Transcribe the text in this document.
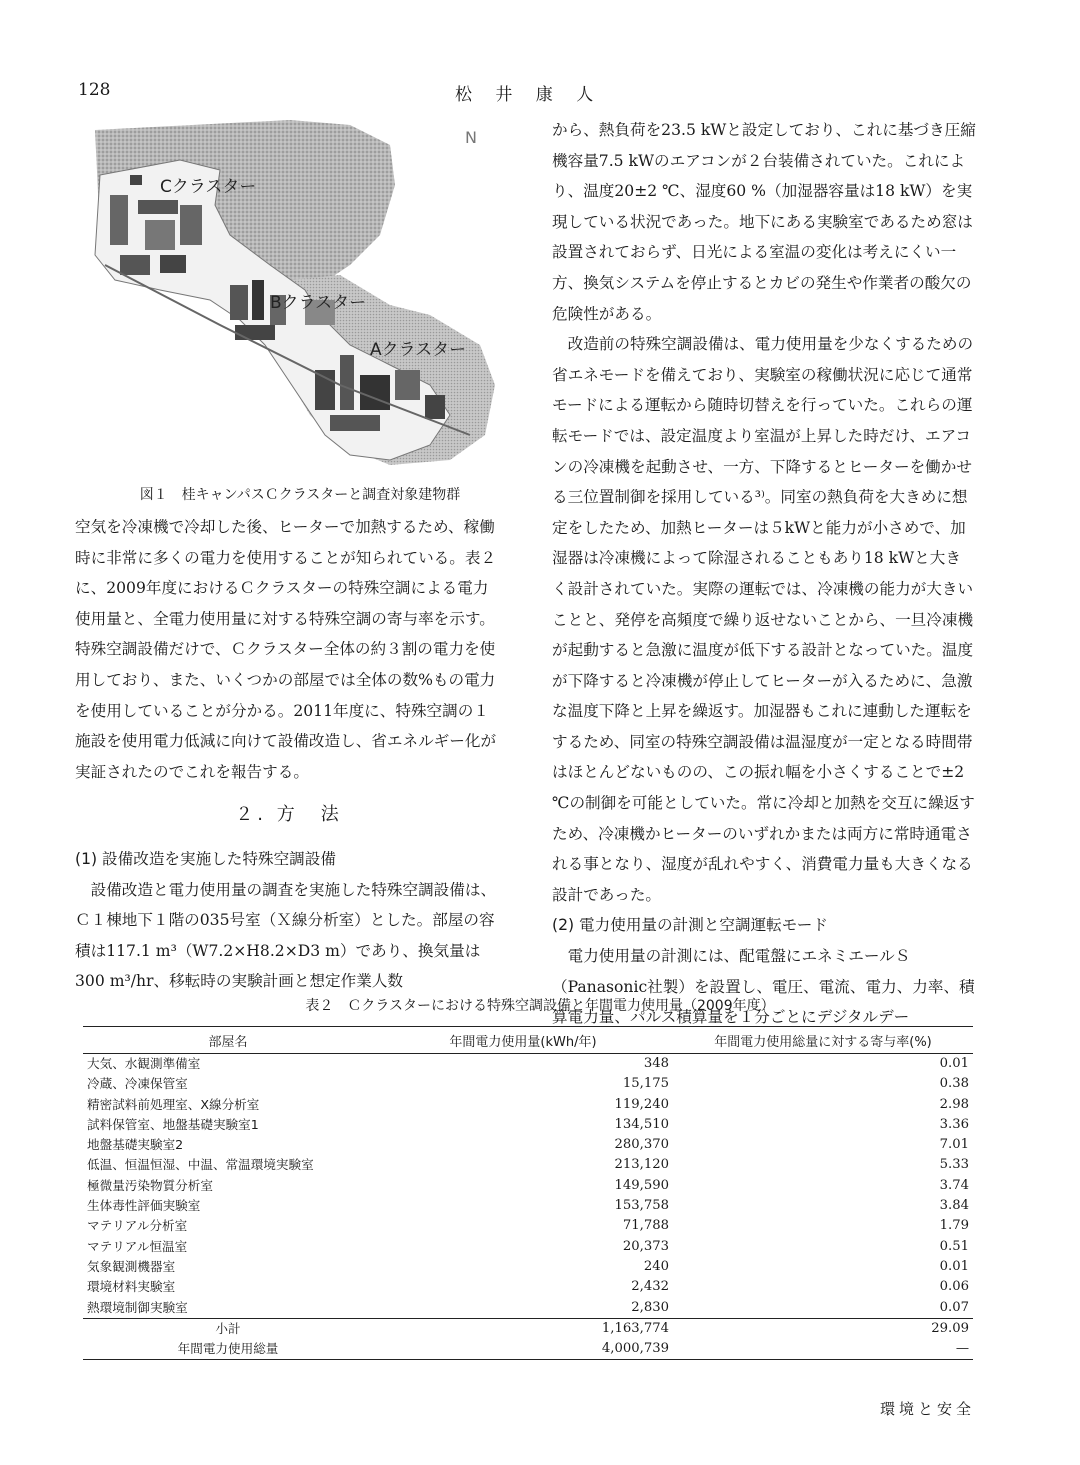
128	松 井 康 人
N
Cクラスター
Bクラスター
Aクラスター
図１　桂キャンパスＣクラスターと調査対象建物群

空気を冷凍機で冷却した後、ヒーターで加熱するため、稼働時に非常に多くの電力を使用することが知られている。表２に、2009年度におけるＣクラスターの特殊空調による電力使用量と、全電力使用量に対する特殊空調の寄与率を示す。特殊空調設備だけで、Ｃクラスター全体の約３割の電力を使用しており、また、いくつかの部屋では全体の数%もの電力を使用していることが分かる。2011年度に、特殊空調の１施設を使用電力低減に向けて設備改造し、省エネルギー化が実証されたのでこれを報告する。

２. 方　法

(1) 設備改造を実施した特殊空調設備

設備改造と電力使用量の調査を実施した特殊空調設備は、Ｃ１棟地下１階の035号室（Ｘ線分析室）とした。部屋の容積は117.1 m³（W7.2×H8.2×D3 m）であり、換気量は300 m³/hr、移転時の実験計画と想定作業人数

から、熱負荷を23.5 kWと設定しており、これに基づき圧縮機容量7.5 kWのエアコンが２台装備されていた。これにより、温度20±2 ℃、湿度60 %（加湿器容量は18 kW）を実現している状況であった。地下にある実験室であるため窓は設置されておらず、日光による室温の変化は考えにくい一方、換気システムを停止するとカビの発生や作業者の酸欠の危険性がある。

改造前の特殊空調設備は、電力使用量を少なくするための省エネモードを備えており、実験室の稼働状況に応じて通常モードによる運転から随時切替えを行っていた。これらの運転モードでは、設定温度より室温が上昇した時だけ、エアコンの冷凍機を起動させ、一方、下降するとヒーターを働かせる三位置制御を採用している³⁾。同室の熱負荷を大きめに想定をしたため、加熱ヒーターは５kWと能力が小さめで、加湿器は冷凍機によって除湿されることもあり18 kWと大きく設計されていた。実際の運転では、冷凍機の能力が大きいことと、発停を高頻度で繰り返せないことから、一旦冷凍機が起動すると急激に温度が低下する設計となっていた。温度が下降すると冷凍機が停止してヒーターが入るために、急激な温度下降と上昇を繰返す。加湿器もこれに連動した運転をするため、同室の特殊空調設備は温湿度が一定となる時間帯はほとんどないものの、この振れ幅を小さくすることで±2 ℃の制御を可能としていた。常に冷却と加熱を交互に繰返すため、冷凍機かヒーターのいずれかまたは両方に常時通電される事となり、湿度が乱れやすく、消費電力量も大きくなる設計であった。

(2) 電力使用量の計測と空調運転モード

電力使用量の計測には、配電盤にエネミエールＳ（Panasonic社製）を設置し、電圧、電流、電力、力率、積算電力量、パルス積算量を１分ごとにデジタルデー

表２　Ｃクラスターにおける特殊空調設備と年間電力使用量（2009年度）
部屋名	年間電力使用量(kWh/年)	年間電力使用総量に対する寄与率(%)
大気、水観測準備室	348	0.01
冷蔵、冷凍保管室	15,175	0.38
精密試料前処理室、X線分析室	119,240	2.98
試料保管室、地盤基礎実験室1	134,510	3.36
地盤基礎実験室2	280,370	7.01
低温、恒温恒湿、中温、常温環境実験室	213,120	5.33
極微量汚染物質分析室	149,590	3.74
生体毒性評価実験室	153,758	3.84
マテリアル分析室	71,788	1.79
マテリアル恒温室	20,373	0.51
気象観測機器室	240	0.01
環境材料実験室	2,432	0.06
熱環境制御実験室	2,830	0.07
小計	1,163,774	29.09
年間電力使用総量	4,000,739	—
環境と安全
